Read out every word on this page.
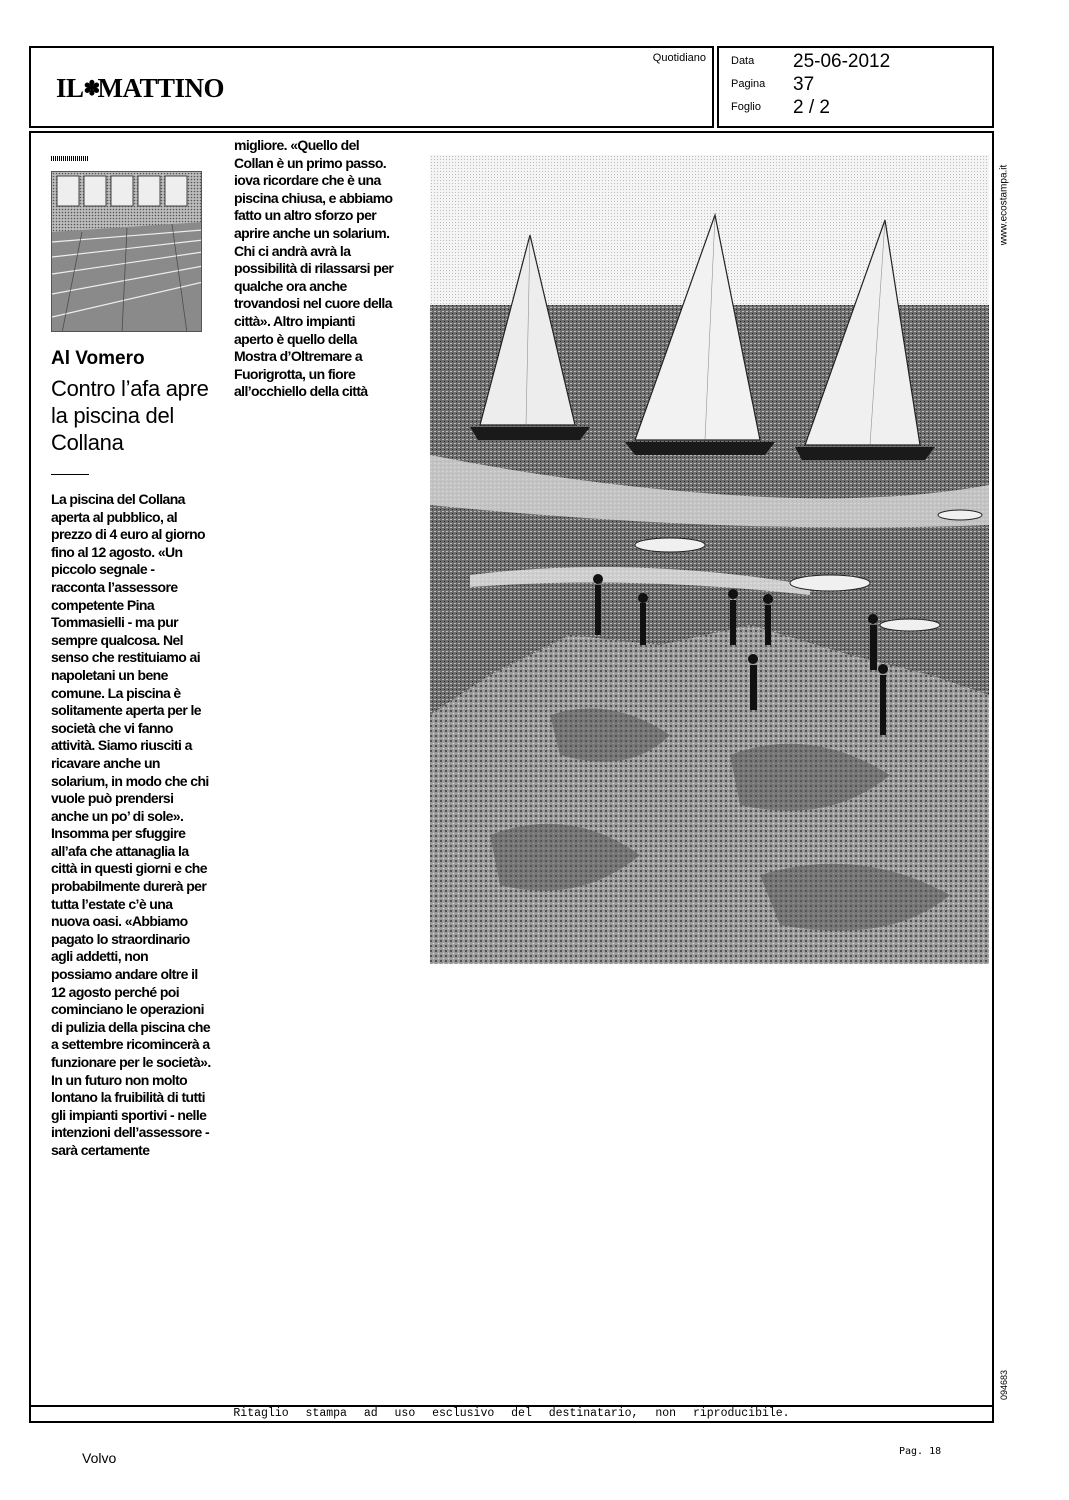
IL✽MATTINO
Quotidiano Data 25-06-2012
Pagina 37
Foglio 2 / 2
www.ecostampa.it
094683
Al Vomero
Contro l’afa apre la piscina del Collana
La piscina del Collana aperta al pubblico, al prezzo di 4 euro al giorno fino al 12 agosto. «Un piccolo segnale - racconta l’assessore competente Pina Tommasielli - ma pur sempre qualcosa. Nel senso che restituiamo ai napoletani un bene comune. La piscina è solitamente aperta per le società che vi fanno attività. Siamo riusciti a ricavare anche un solarium, in modo che chi vuole può prendersi anche un po’ di sole». Insomma per sfuggire all’afa che attanaglia la città in questi giorni e che probabilmente durerà per tutta l’estate c’è una nuova oasi. «Abbiamo pagato lo straordinario agli addetti, non possiamo andare oltre il 12 agosto perché poi cominciano le operazioni di pulizia della piscina che a settembre ricomincerà a funzionare per le società». In un futuro non molto lontano la fruibilità di tutti gli impianti sportivi - nelle intenzioni dell’assessore - sarà certamente
migliore. «Quello del Collan è un primo passo. iova ricordare che è una piscina chiusa, e abbiamo fatto un altro sforzo per aprire anche un solarium. Chi ci andrà avrà la possibilità di rilassarsi per qualche ora anche trovandosi nel cuore della città». Altro impianti aperto è quello della Mostra d’Oltremare a Fuorigrotta, un fiore all’occhiello della città
Ritaglio stampa ad uso esclusivo del destinatario, non riproducibile.
Volvo	Pag. 18
